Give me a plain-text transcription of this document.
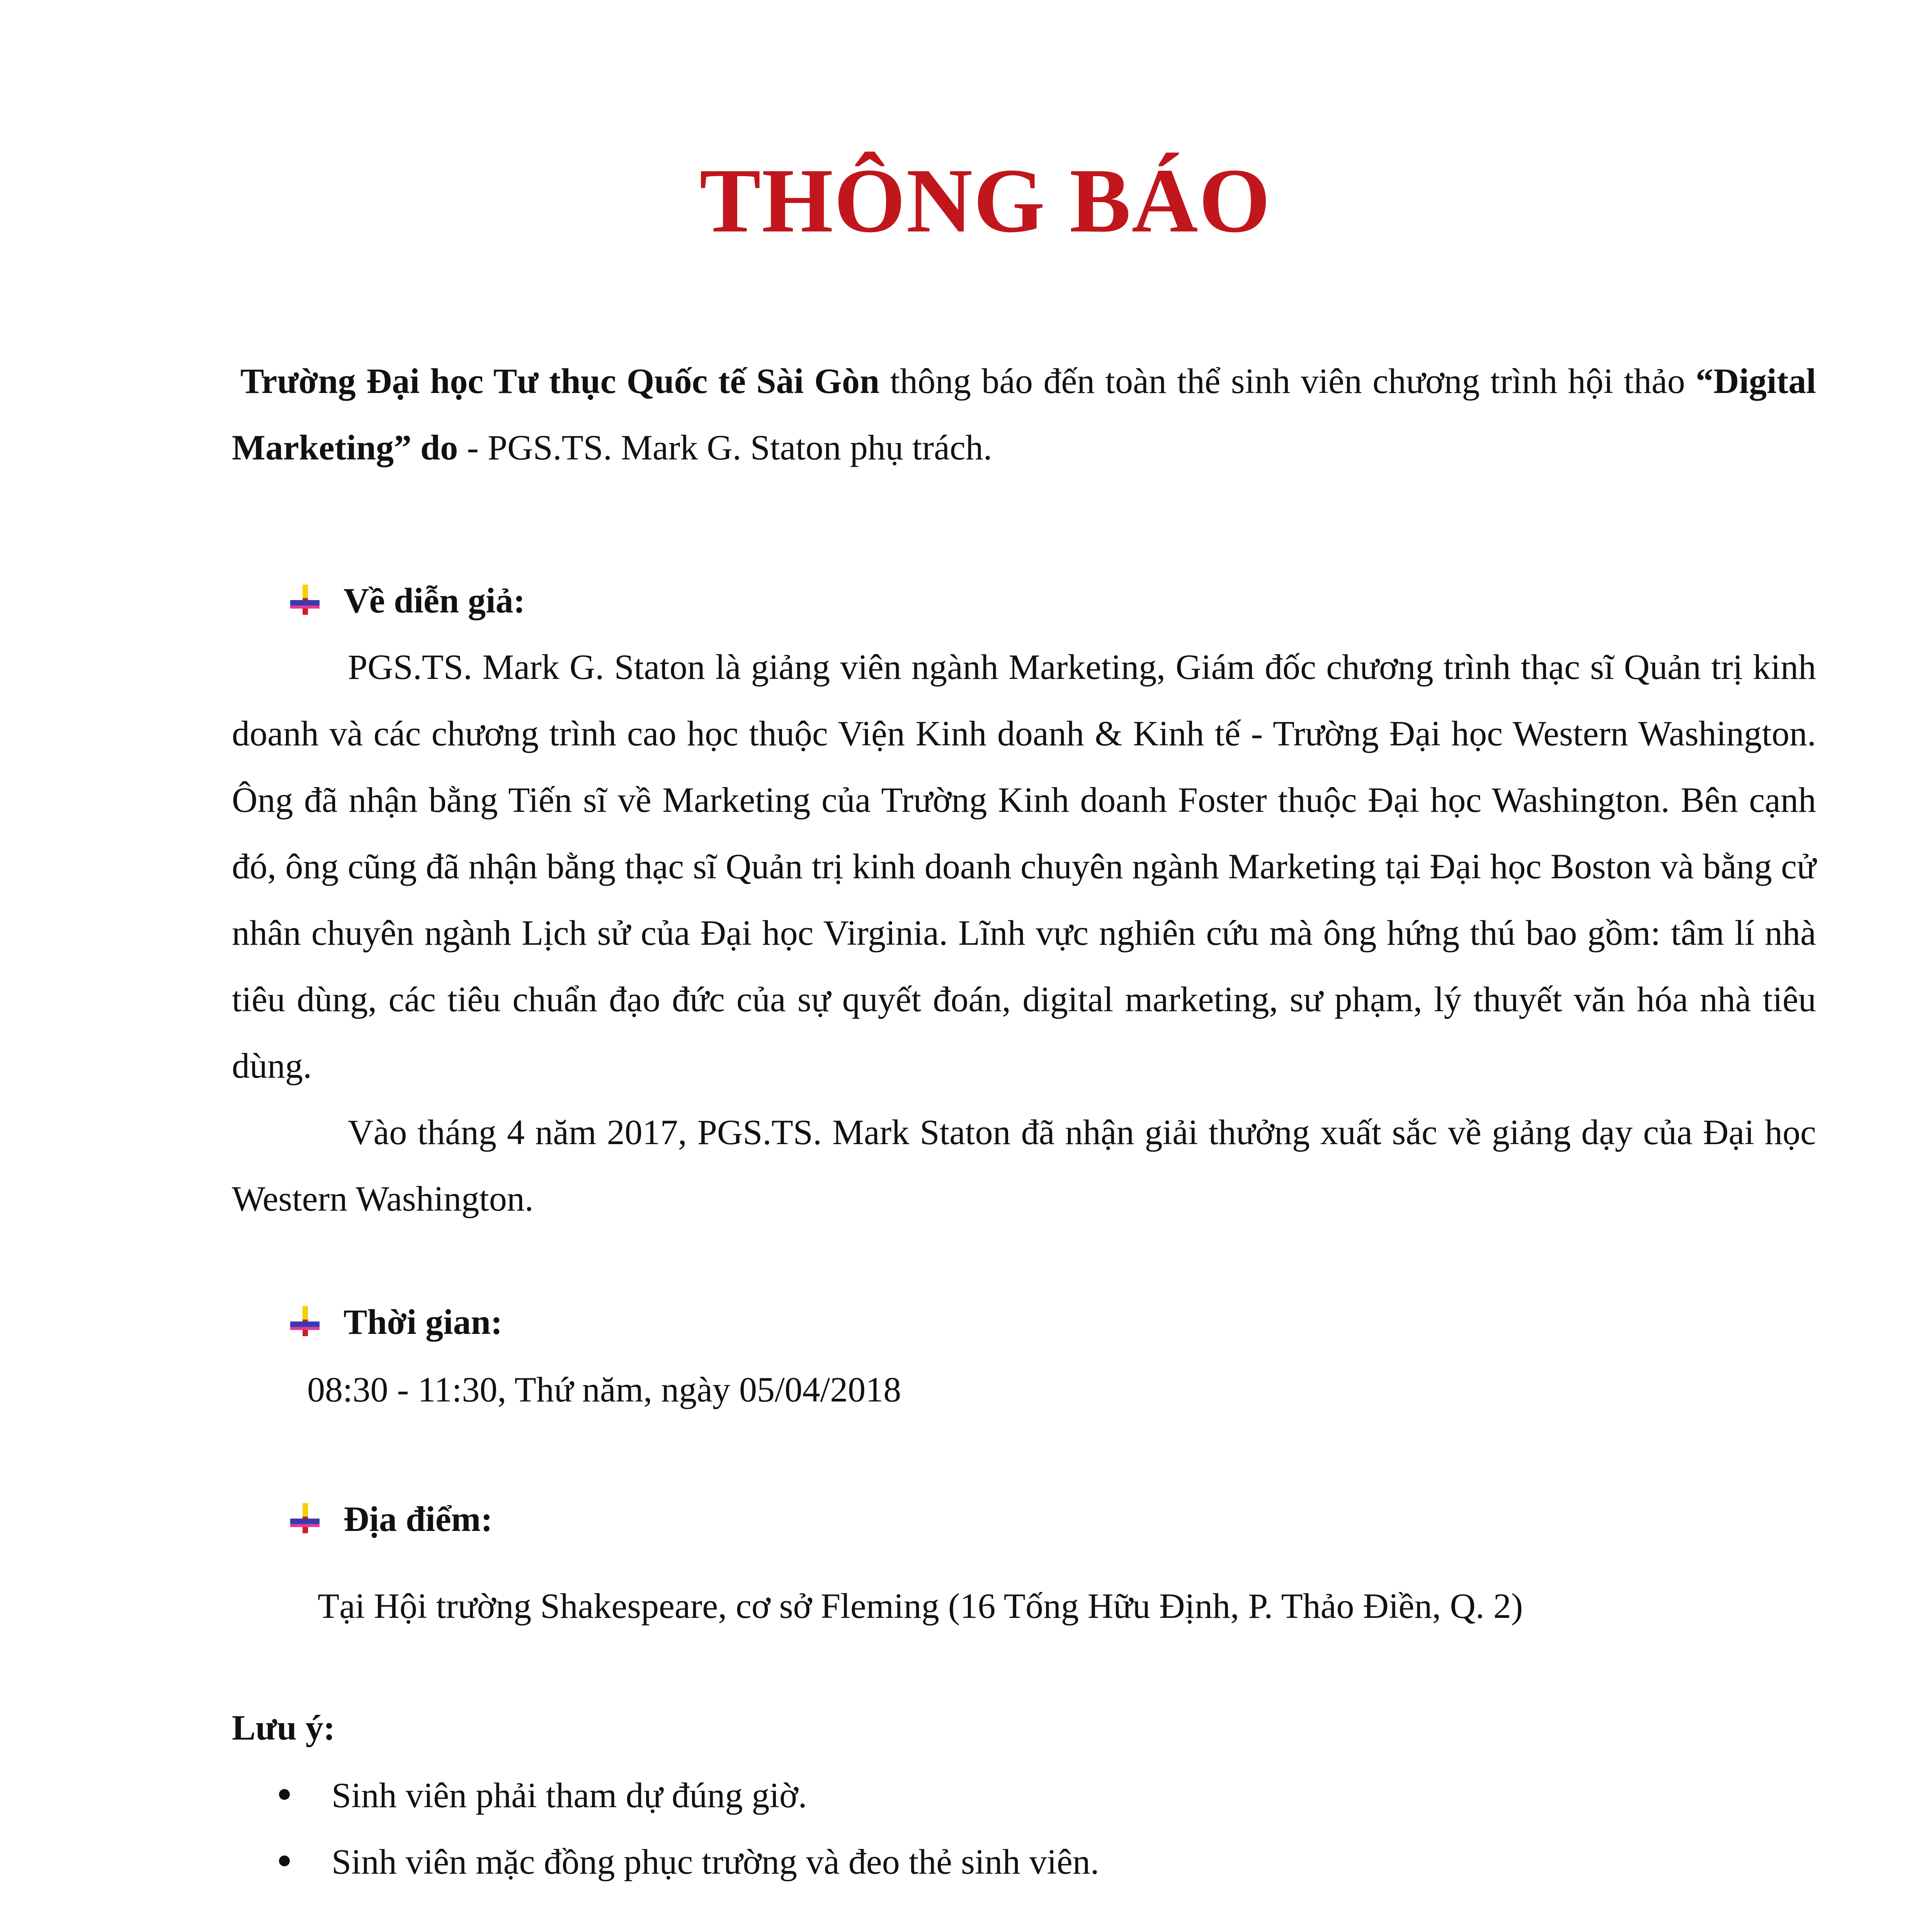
THÔNG BÁO
Trường Đại học Tư thục Quốc tế Sài Gòn thông báo đến toàn thể sinh viên chương trình hội thảo “Digital Marketing” do - PGS.TS. Mark G. Staton phụ trách.
Về diễn giả:

PGS.TS. Mark G. Staton là giảng viên ngành Marketing, Giám đốc chương trình thạc sĩ Quản trị kinh doanh và các chương trình cao học thuộc Viện Kinh doanh & Kinh tế - Trường Đại học Western Washington. Ông đã nhận bằng Tiến sĩ về Marketing của Trường Kinh doanh Foster thuộc Đại học Washington. Bên cạnh đó, ông cũng đã nhận bằng thạc sĩ Quản trị kinh doanh chuyên ngành Marketing tại Đại học Boston và bằng cử nhân chuyên ngành Lịch sử của Đại học Virginia. Lĩnh vực nghiên cứu mà ông hứng thú bao gồm: tâm lí nhà tiêu dùng, các tiêu chuẩn đạo đức của sự quyết đoán, digital marketing, sư phạm, lý thuyết văn hóa nhà tiêu dùng.

Vào tháng 4 năm 2017, PGS.TS. Mark Staton đã nhận giải thưởng xuất sắc về giảng dạy của Đại học Western Washington.

Thời gian:
08:30 - 11:30, Thứ năm, ngày 05/04/2018
Địa điểm:
Tại Hội trường Shakespeare, cơ sở Fleming (16 Tống Hữu Định, P. Thảo Điền, Q. 2)
Lưu ý:
Sinh viên phải tham dự đúng giờ.
Sinh viên mặc đồng phục trường và đeo thẻ sinh viên.
